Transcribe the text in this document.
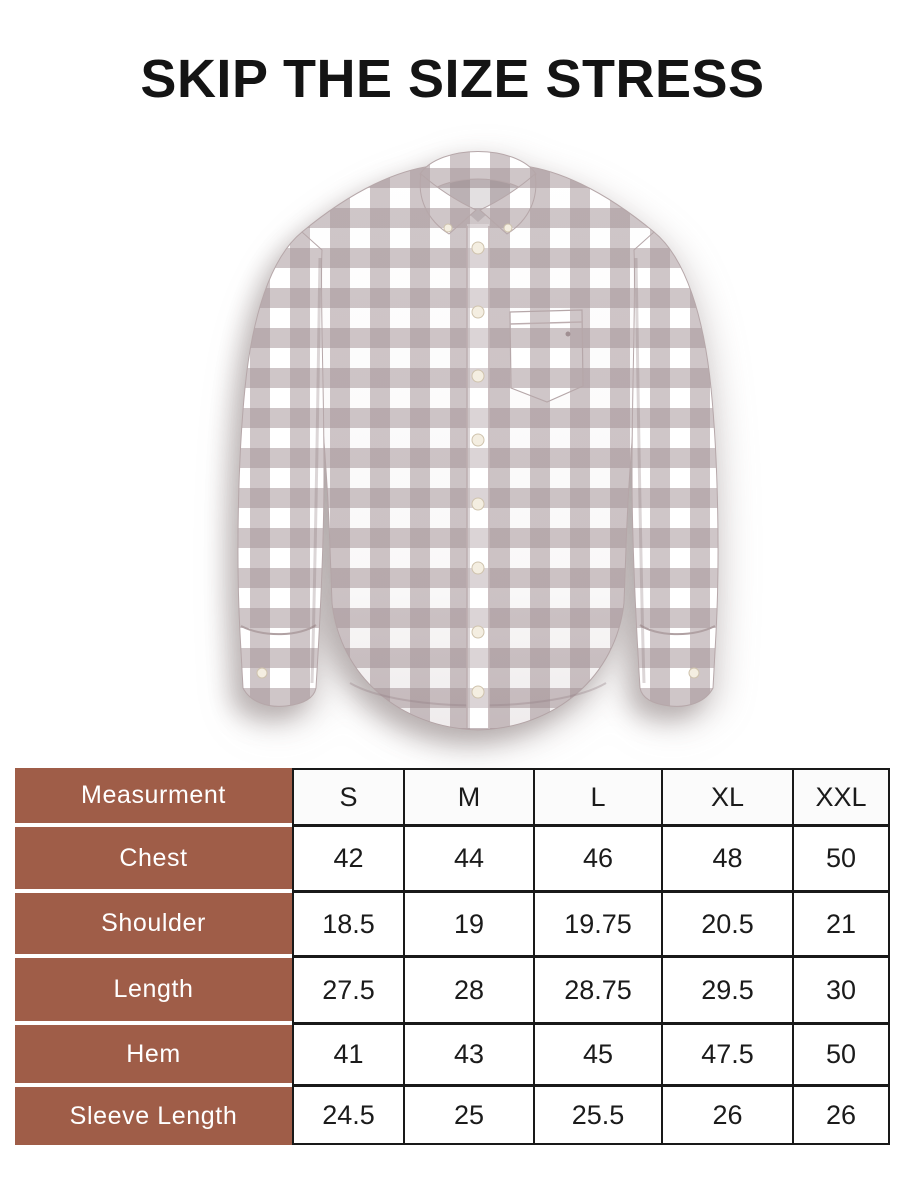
SKIP THE SIZE STRESS
Measurment	S	M	L	XL	XXL
Chest	42	44	46	48	50
Shoulder	18.5	19	19.75	20.5	21
Length	27.5	28	28.75	29.5	30
Hem	41	43	45	47.5	50
Sleeve Length	24.5	25	25.5	26	26
